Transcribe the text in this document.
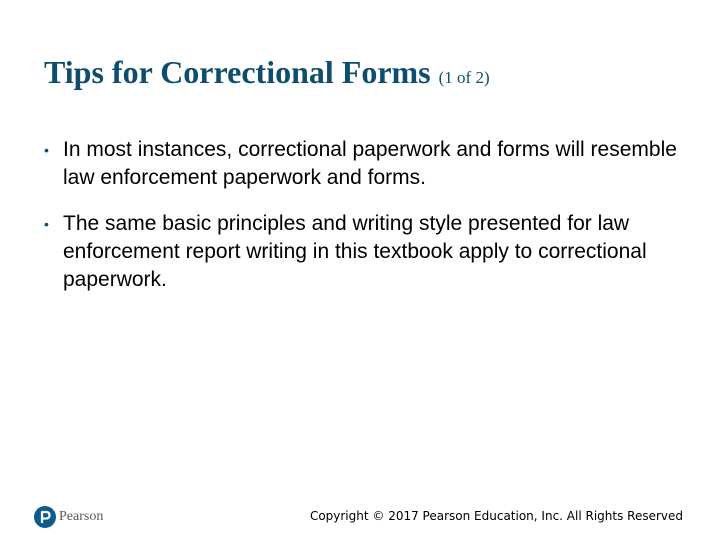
Tips for Correctional Forms (1 of 2)
• In most instances, correctional paperwork and forms will resemble law enforcement paperwork and forms.
• The same basic principles and writing style presented for law enforcement report writing in this textbook apply to correctional paperwork.
Pearson	Copyright © 2017 Pearson Education, Inc. All Rights Reserved
